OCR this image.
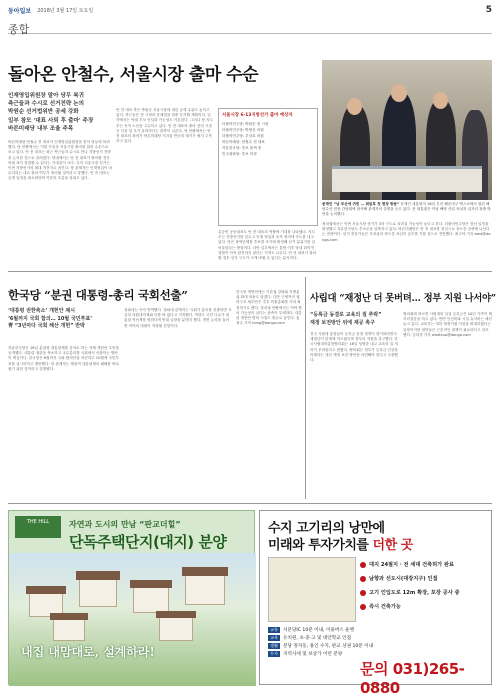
동아일보 2018년 3월 17일 토요일	5
종합
돌아온 안철수, 서울시장 출마 수순
인재영입위원장 맡아 당무 복귀
측근들과 수시로 선거전략 논의
박원순 선거법위반 공세 강화
일부 참모 '대표 사퇴 후 출마' 주장
바른미래당 내부 조율 주목
바른미래당 안철수 전 대표가 인재영입위원장을 맡아 당무에 복귀했다. 당 안팎에서는 이를 사실상 서울시장 출마를 위한 수순으로 보고 있다. 안 전 대표는 최근 측근들과 수시로 만나 지방선거 전략을 논의한 것으로 알려졌다. 당내에서는 안 전 대표가 출마할 경우 야권 표가 결집할 수 있다는 기대감이 크다. 특히 서울시장 선거는 이번 지방선거의 최대 격전지로 꼽힌다. 당 관계자는 인재영입이 마무리되는 대로 출마 여부가 정리될 것이라고 말했다. 안 전 대표는 공개 일정을 최소화하며 여론의 흐름을 살피고 있다.
안 전 대표 측은 박원순 서울시장에 대한 공세 수위도 높이고 있다. 측근들은 현 시정의 문제점을 집중 부각할 계획이다. 일각에서는 야권 후보 단일화 가능성도 거론된다. 그러나 당 지도부는 독자 노선을 고수하고 있다. 안 전 대표의 출마 선언 시점은 다음 달 초가 유력하다는 관측이 나온다. 당 안팎에서는 안 전 대표의 복귀가 바른미래당 지지율 반등의 계기가 될지 주목하고 있다.
유승민 공동대표도 안 전 대표의 역할에 기대를 나타냈다. 지도부는 지방선거를 앞두고 인재 영입과 조직 정비에 속도를 내고 있다. 당은 광역단체장 후보를 조기에 확정해 선거 분위기를 끌어올린다는 방침이다. 다만 일부에서는 통합 이후 당내 화학적 결합이 아직 완전하지 않다는 지적도 나온다. 안 전 대표가 출마할 경우 선거 구도가 크게 바뀔 수 있다는 분석이다.
서울시장 6·13지방선거 출마 예상자
더불어민주당: 박원순 현 시장
더불어민주당: 박영선 의원
더불어민주당: 우상호 의원
바른미래당: 안철수 전 대표
자유한국당: 후보 물색 중
민주평화당: 후보 미정
문재인 “남 부산에 귀빈 … 취임후 첫 현장 방문” 문재인 대통령이 16일 부산 해운대구 벡스코에서 열린 해양수산 현장 간담회에 참석해 관계자의 설명을 듣고 있다. 문 대통령은 이날 해양 산업 육성과 일자리 창출 방안을 논의했다.
정치권에서는 이번 서울시장 선거가 3자 구도로 치러질 가능성이 높다고 본다. 더불어민주당은 경선 일정을 확정했고 자유한국당도 후보군을 압축하고 있다. 바른미래당은 안 전 대표를 중심으로 중도층 공략에 나선다는 전략이다. 선거 전문가들은 투표율과 중도층 표심이 승부를 가를 것으로 전망했다. 최고야 기자 best@donga.com
한국당 “분권 대통령-총리 국회선출”
‘대통령 권한축소’ 개헌안 제시
‘6월까지 국회 합의… 10월 국민투표’
靑 “3년마다 국회 해산 개헌” 반박
자유한국당은 16일 분권형 대통령제를 골자로 하는 자체 개헌안 초안을 공개했다. 대통령 권한을 축소하고 국무총리를 국회에서 선출하는 방안이 핵심이다. 한국당은 6월까지 국회 합의안을 마련하고 10월에 국민투표를 실시하자고 제안했다. 당 관계자는 제왕적 대통령제의 폐해를 바로잡기 위한 것이라고 설명했다.
청와대는 즉각 반박했다. 청와대 관계자는 국회가 총리를 선출하면 사실상 의원내각제와 다를 바 없다고 지적했다. 여당도 국민 다수가 대통령 직선제를 원한다며 반대 입장을 분명히 했다. 개헌 논의를 둘러싼 여야의 대립이 격화될 전망이다.
한국당 개헌안에는 기본권 강화와 지방분권 확대 내용도 담겼다. 다만 구체적인 권력구조 세부안은 추후 의원총회를 거쳐 확정하기로 했다. 정치권 안팎에서는 여야 합의 가능성이 낮다는 관측이 우세하다. 대통령 개헌안 발의 시점도 변수로 꼽힌다. 홍정수 기자 hong@donga.com
사립대 “재정난 더 못버텨… 정부 지원 나서야”
“등록금 동결로 교육의 질 추락”
재정 보전방안 뒤에 제공 촉구
전국 사립대 총장들이 등록금 동결 정책이 장기화되면서 재정난이 한계에 이르렀다며 정부의 지원을 촉구했다. 한국사립대학총장협의회는 16일 성명을 내고 교육의 질 저하가 우려된다고 밝혔다. 협의회는 정부가 등록금 인상을 억제하는 대신 재정 보전 방안을 마련해야 한다고 주장했다.
협의회에 따르면 사립대의 실질 등록금은 10년 가까이 제자리걸음을 하고 있다. 반면 인건비와 시설 유지비는 매년 늘고 있다. 교육부는 대학 재정지원 사업을 확대하겠다는 입장이지만 대학들은 근본적인 대책이 필요하다고 강조했다. 김하경 기자 whatsup@donga.com
THE HILL	자연과 도시의 만남 “판교더힐”
단독주택단지(대지) 분양
내집 내맘대로, 설계하라!
수지 고기리의 낭만에
미래와 투자가치를 더한 곳
대지 24필지 ‧ 전 세대 건축허가 완료
남향과 선도시(대장지구) 인접
고기 인입도로 12m 확장, 포장 공사 중
즉시 건축가능
교통 서분당IC 10분 이내, 이용버스 운행
교육 유치원, 초·중·고 및 대안학교 인접
생활 분당 정자동, 용인 수지, 판교 상권 10분 이내
투자 지역사세 및 보상가 이런 분양
문의 031)265-0880
